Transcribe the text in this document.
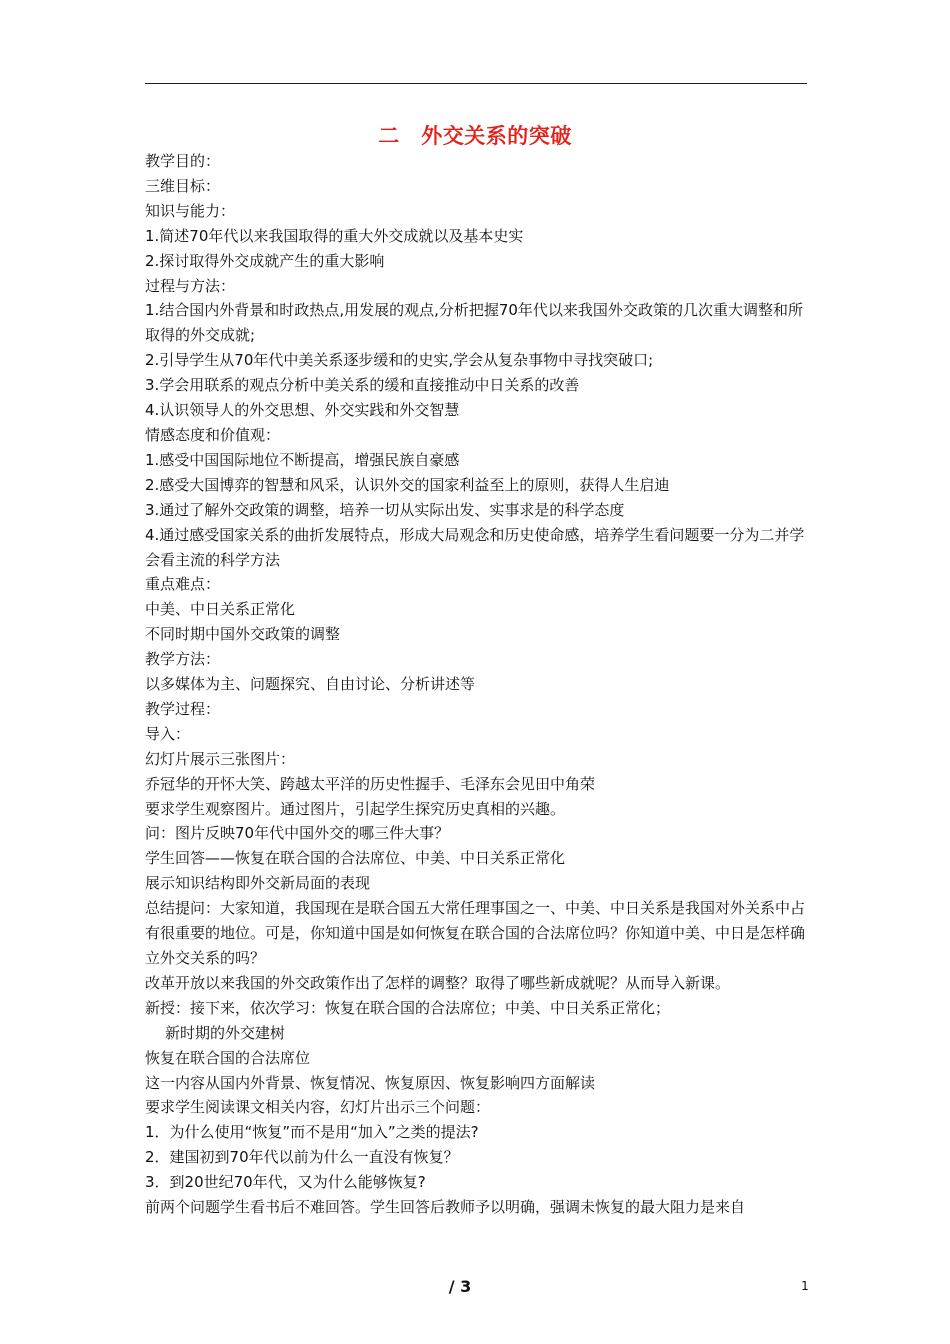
二　外交关系的突破

教学目的：

三维目标：

知识与能力：

1.简述70年代以来我国取得的重大外交成就以及基本史实

2.探讨取得外交成就产生的重大影响

过程与方法：

1.结合国内外背景和时政热点,用发展的观点,分析把握70年代以来我国外交政策的几次重大调整和所取得的外交成就;

2.引导学生从70年代中美关系逐步缓和的史实,学会从复杂事物中寻找突破口;

3.学会用联系的观点分析中美关系的缓和直接推动中日关系的改善

4.认识领导人的外交思想、外交实践和外交智慧

情感态度和价值观：

1.感受中国国际地位不断提高，增强民族自豪感

2.感受大国博弈的智慧和风采，认识外交的国家利益至上的原则，获得人生启迪

3.通过了解外交政策的调整，培养一切从实际出发、实事求是的科学态度

4.通过感受国家关系的曲折发展特点，形成大局观念和历史使命感，培养学生看问题要一分为二并学会看主流的科学方法

重点难点：

中美、中日关系正常化

不同时期中国外交政策的调整

教学方法：

以多媒体为主、问题探究、自由讨论、分析讲述等

教学过程：

导入：

幻灯片展示三张图片：

乔冠华的开怀大笑、跨越太平洋的历史性握手、毛泽东会见田中角荣

要求学生观察图片。通过图片，引起学生探究历史真相的兴趣。

问：图片反映70年代中国外交的哪三件大事？

学生回答——恢复在联合国的合法席位、中美、中日关系正常化

展示知识结构即外交新局面的表现

总结提问：大家知道，我国现在是联合国五大常任理事国之一、中美、中日关系是我国对外关系中占有很重要的地位。可是，你知道中国是如何恢复在联合国的合法席位吗？你知道中美、中日是怎样确立外交关系的吗？

改革开放以来我国的外交政策作出了怎样的调整？取得了哪些新成就呢？从而导入新课。

新授：接下来，依次学习：恢复在联合国的合法席位；中美、中日关系正常化；

新时期的外交建树

恢复在联合国的合法席位

这一内容从国内外背景、恢复情况、恢复原因、恢复影响四方面解读

要求学生阅读课文相关内容，幻灯片出示三个问题：

1．为什么使用“恢复”而不是用“加入”之类的提法?

2．建国初到70年代以前为什么一直没有恢复？

3．到20世纪70年代，又为什么能够恢复?

前两个问题学生看书后不难回答。学生回答后教师予以明确，强调未恢复的最大阻力是来自

/ 3	1
